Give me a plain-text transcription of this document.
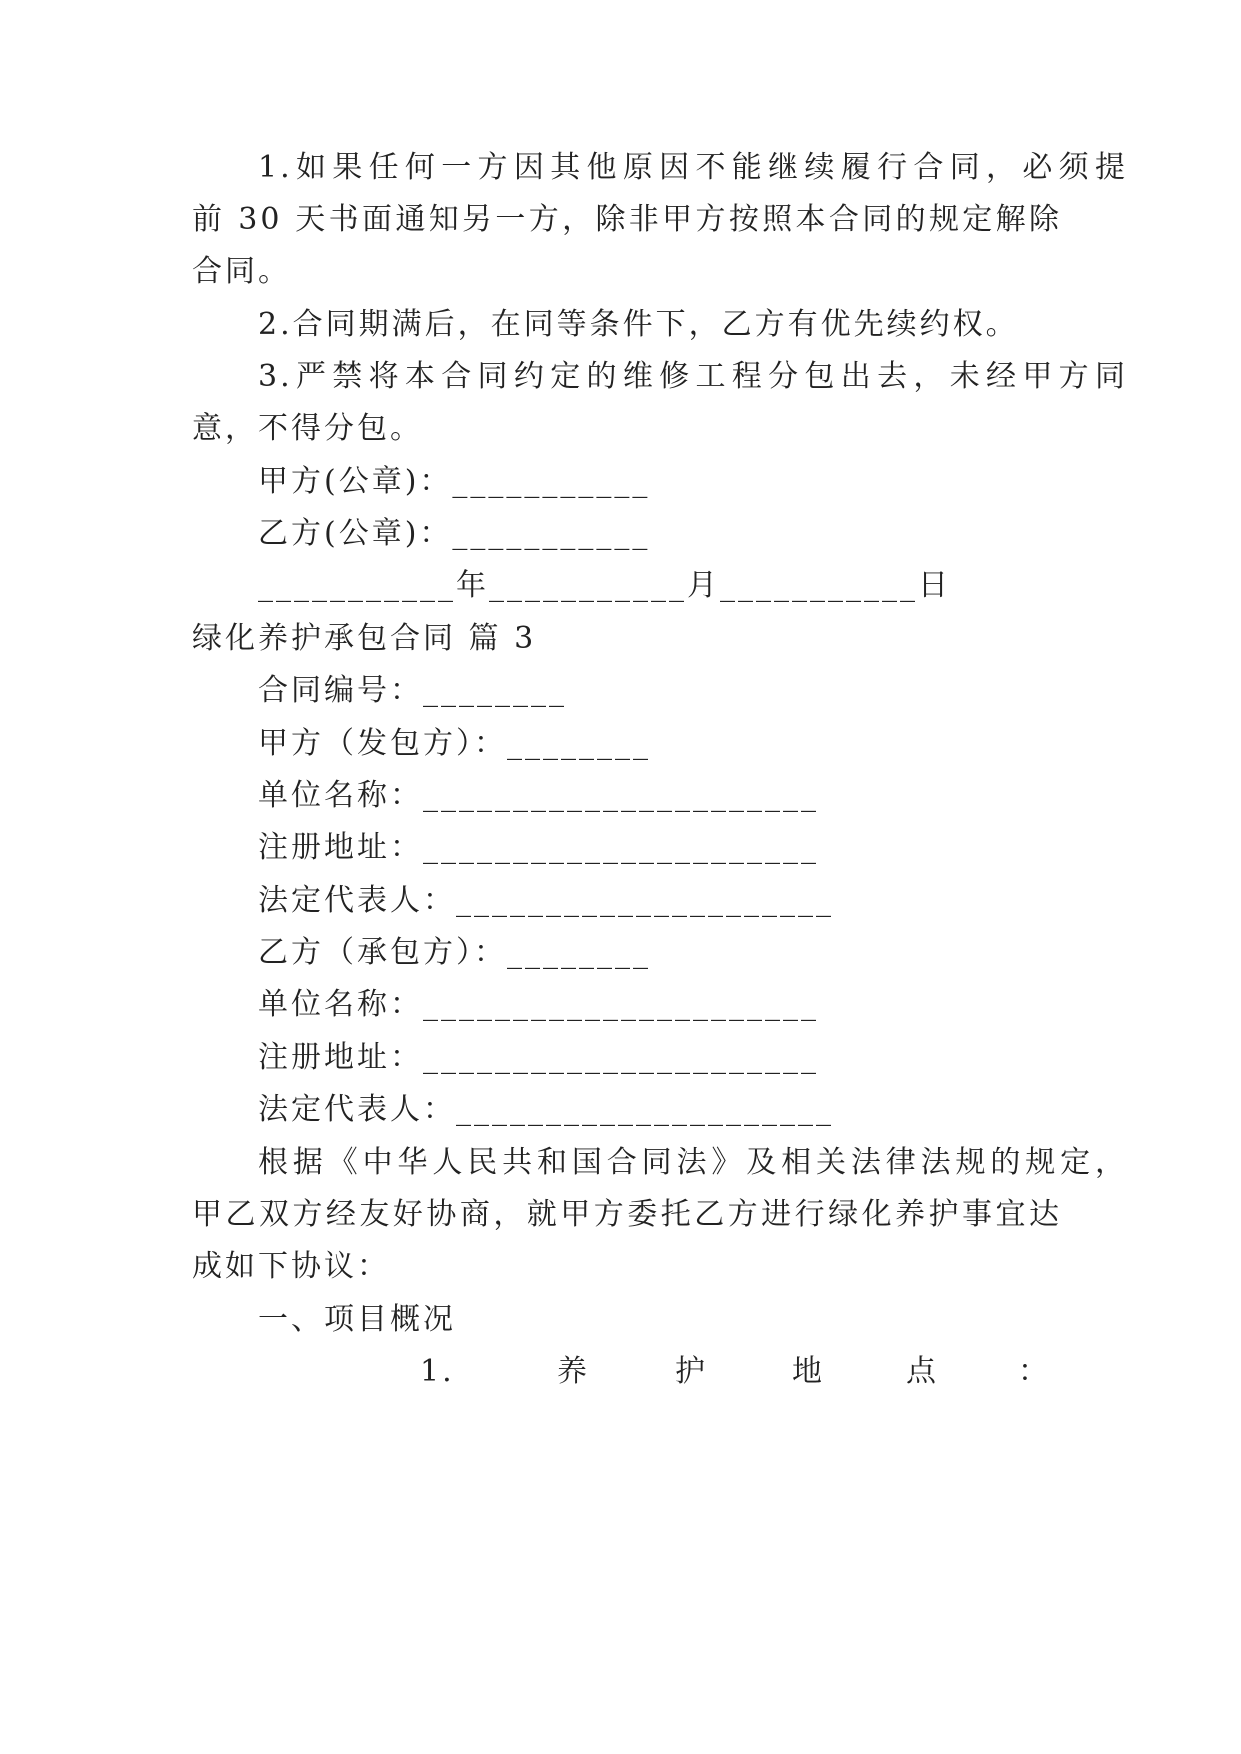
1.如果任何一方因其他原因不能继续履行合同，必须提
前 30 天书面通知另一方，除非甲方按照本合同的规定解除
合同。
2.合同期满后，在同等条件下，乙方有优先续约权。
3.严禁将本合同约定的维修工程分包出去，未经甲方同
意，不得分包。
甲方(公章)：___________
乙方(公章)：___________
___________年___________月___________日
绿化养护承包合同 篇 3
合同编号：________
甲方（发包方）：________
单位名称：______________________
注册地址：______________________
法定代表人：_____________________
乙方（承包方）：________
单位名称：______________________
注册地址：______________________
法定代表人：_____________________
根据《中华人民共和国合同法》及相关法律法规的规定，
甲乙双方经友好协商，就甲方委托乙方进行绿化养护事宜达
成如下协议：
一、项目概况
1.	养	护	地	点	：
